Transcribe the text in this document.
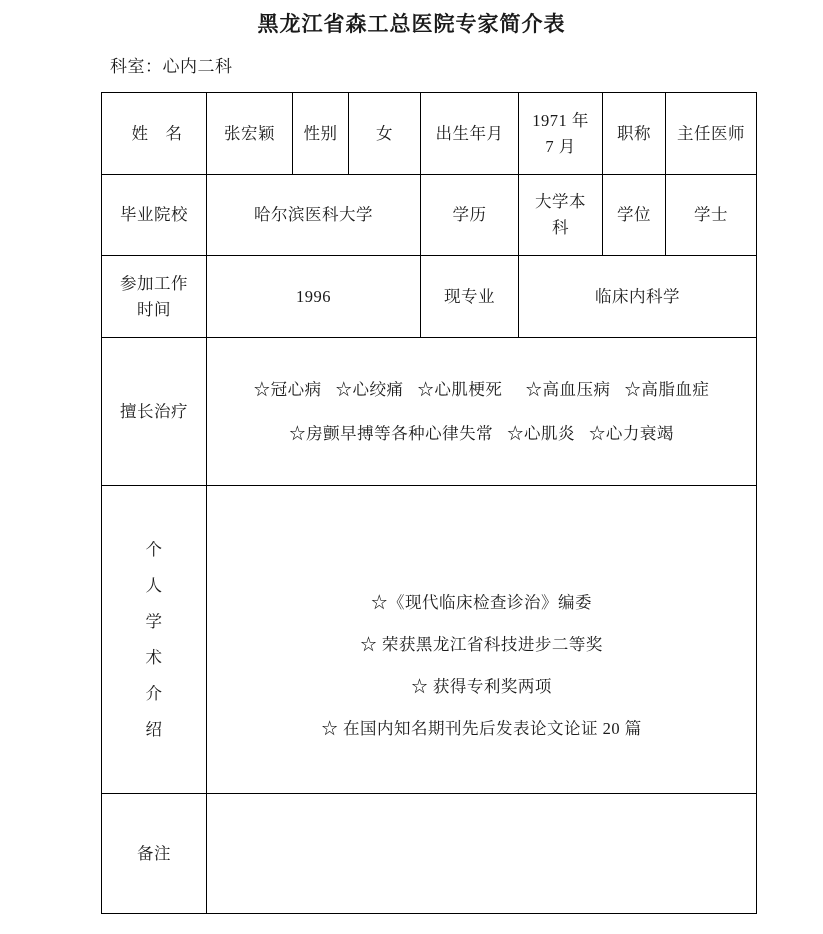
黑龙江省森工总医院专家简介表
科室：心内二科
姓　名	张宏颖	性别	女	出生年月	1971 年
7 月	职称	主任医师
毕业院校	哈尔滨医科大学			学历	大学本
科	学位	学士

参加工作
时间	1996			现专业	临床内科学		
擅长治疗	☆冠心病   ☆心绞痛   ☆心肌梗死     ☆高血压病   ☆高脂血症
☆房颤早搏等各种心律失常   ☆心肌炎   ☆心力衰竭						

个
人
学
术
介
绍

☆《现代临床检查诊治》编委
☆ 荣获黑龙江省科技进步二等奖
☆ 获得专利奖两项
☆ 在国内知名期刊先后发表论文论证 20 篇

备注							
